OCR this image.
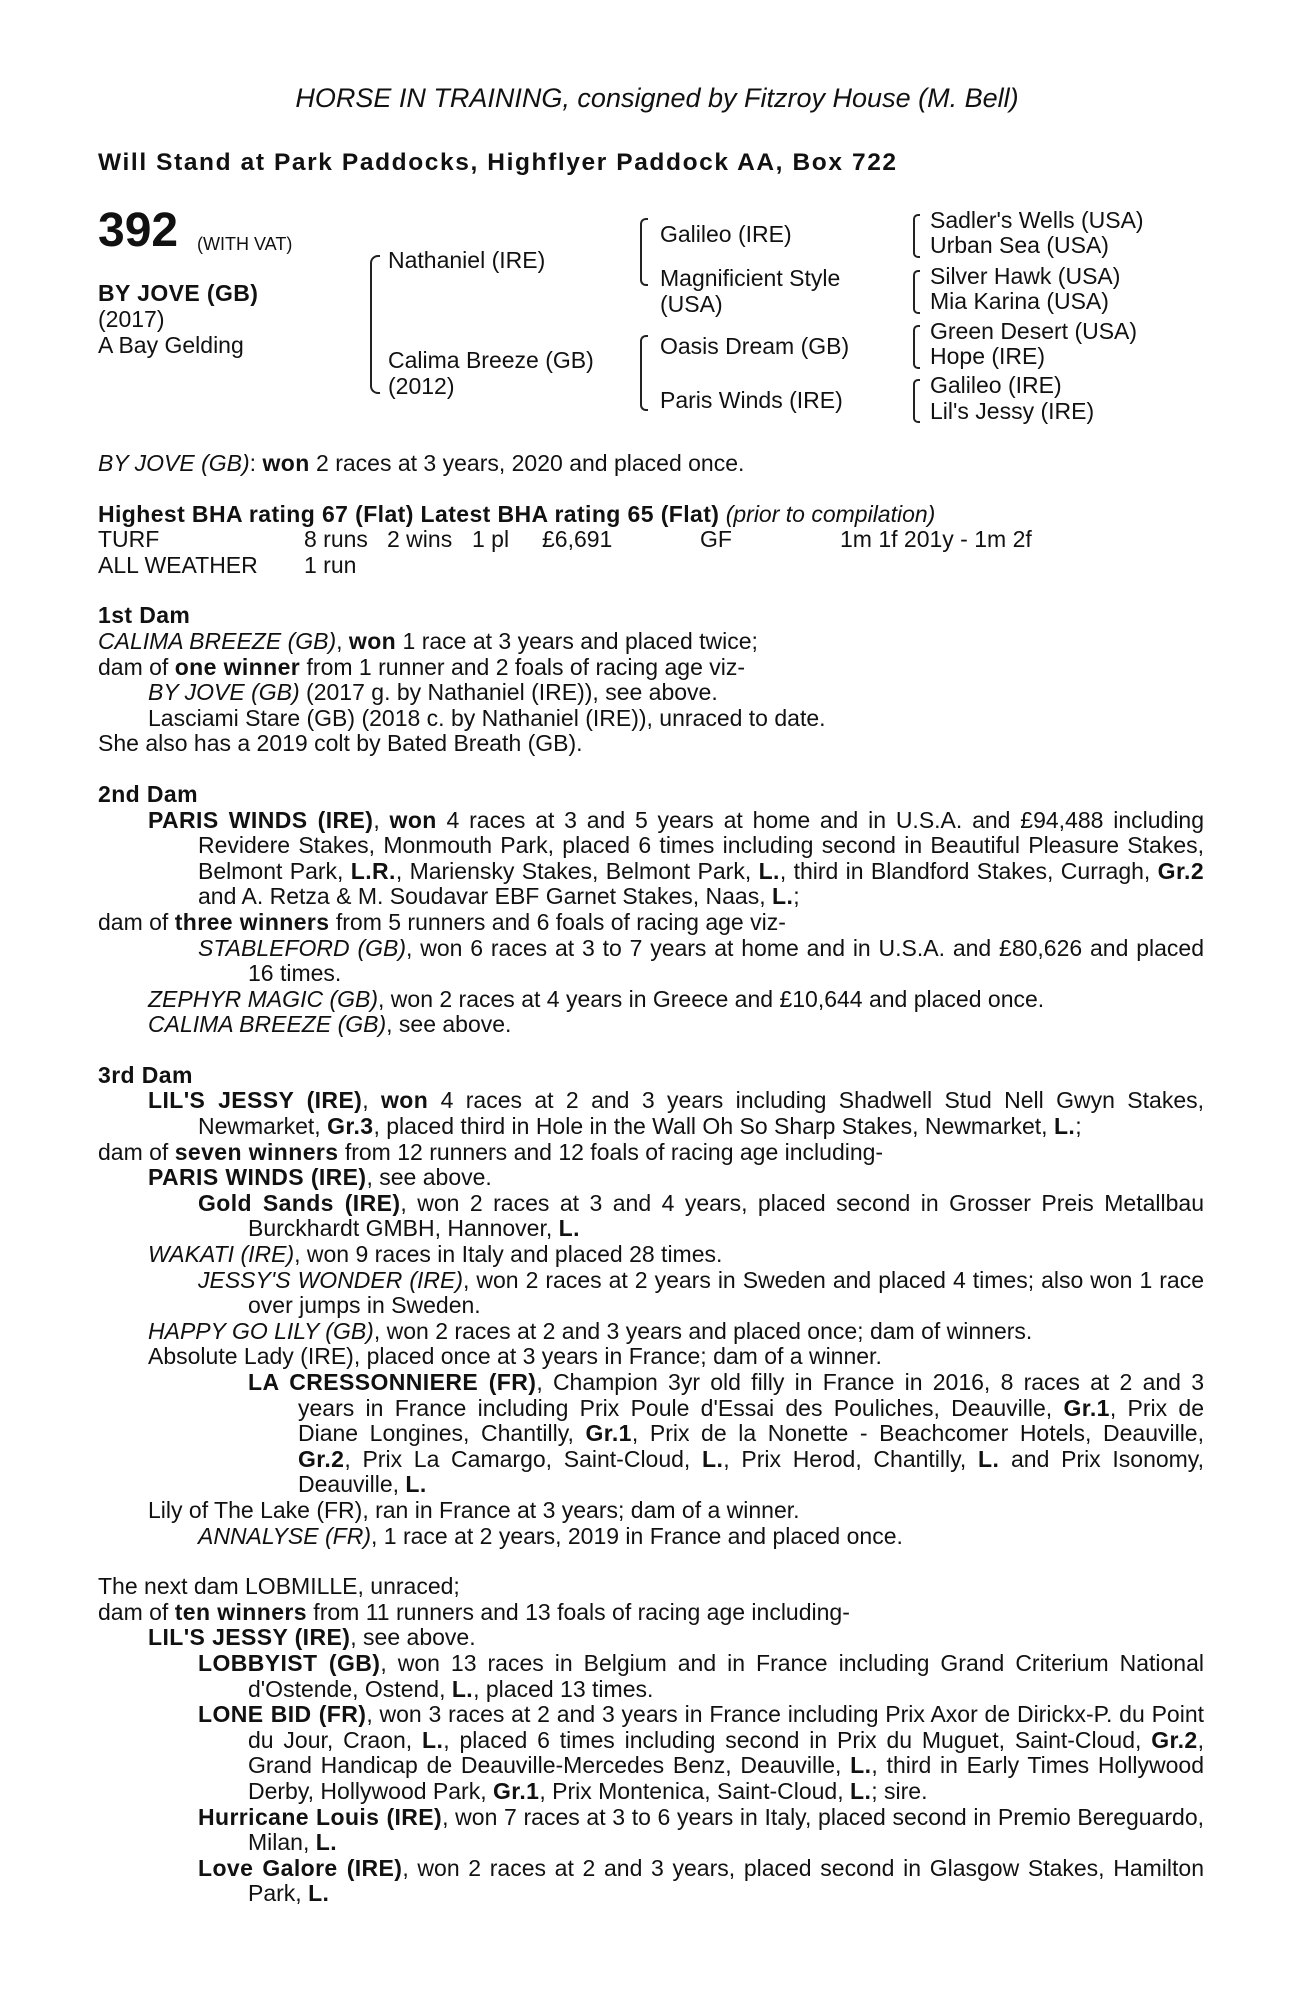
HORSE IN TRAINING, consigned by Fitzroy House (M. Bell)
Will Stand at Park Paddocks, Highflyer Paddock AA, Box 722
392 (WITH VAT)
BY JOVE (GB)
(2017)
A Bay Gelding
Nathaniel (IRE)
Calima Breeze (GB)
(2012)
Galileo (IRE)
Magnificient Style
(USA)
Oasis Dream (GB)
Paris Winds (IRE)
Sadler's Wells (USA)
Urban Sea (USA)
Silver Hawk (USA)
Mia Karina (USA)
Green Desert (USA)
Hope (IRE)
Galileo (IRE)
Lil's Jessy (IRE)

BY JOVE (GB): won 2 races at 3 years, 2020 and placed once.

Highest BHA rating 67 (Flat) Latest BHA rating 65 (Flat) (prior to compilation)

TURF	8 runs	2 wins	1 pl	£6,691	GF	1m 1f 201y - 1m 2f
ALL WEATHER	1 run					

1st Dam

CALIMA BREEZE (GB), won 1 race at 3 years and placed twice;

dam of one winner from 1 runner and 2 foals of racing age viz-

BY JOVE (GB) (2017 g. by Nathaniel (IRE)), see above.

Lasciami Stare (GB) (2018 c. by Nathaniel (IRE)), unraced to date.

She also has a 2019 colt by Bated Breath (GB).

2nd Dam

PARIS WINDS (IRE), won 4 races at 3 and 5 years at home and in U.S.A. and £94,488 including Revidere Stakes, Monmouth Park, placed 6 times including second in Beautiful Pleasure Stakes, Belmont Park, L.R., Mariensky Stakes, Belmont Park, L., third in Blandford Stakes, Curragh, Gr.2 and A. Retza & M. Soudavar EBF Garnet Stakes, Naas, L.;

dam of three winners from 5 runners and 6 foals of racing age viz-

STABLEFORD (GB), won 6 races at 3 to 7 years at home and in U.S.A. and £80,626 and placed 16 times.

ZEPHYR MAGIC (GB), won 2 races at 4 years in Greece and £10,644 and placed once.

CALIMA BREEZE (GB), see above.

3rd Dam

LIL'S JESSY (IRE), won 4 races at 2 and 3 years including Shadwell Stud Nell Gwyn Stakes, Newmarket, Gr.3, placed third in Hole in the Wall Oh So Sharp Stakes, Newmarket, L.;

dam of seven winners from 12 runners and 12 foals of racing age including-

PARIS WINDS (IRE), see above.

Gold Sands (IRE), won 2 races at 3 and 4 years, placed second in Grosser Preis Metallbau Burckhardt GMBH, Hannover, L.

WAKATI (IRE), won 9 races in Italy and placed 28 times.

JESSY'S WONDER (IRE), won 2 races at 2 years in Sweden and placed 4 times; also won 1 race over jumps in Sweden.

HAPPY GO LILY (GB), won 2 races at 2 and 3 years and placed once; dam of winners.

Absolute Lady (IRE), placed once at 3 years in France; dam of a winner.

LA CRESSONNIERE (FR), Champion 3yr old filly in France in 2016, 8 races at 2 and 3 years in France including Prix Poule d'Essai des Pouliches, Deauville, Gr.1, Prix de Diane Longines, Chantilly, Gr.1, Prix de la Nonette - Beachcomer Hotels, Deauville, Gr.2, Prix La Camargo, Saint-Cloud, L., Prix Herod, Chantilly, L. and Prix Isonomy, Deauville, L.

Lily of The Lake (FR), ran in France at 3 years; dam of a winner.

ANNALYSE (FR), 1 race at 2 years, 2019 in France and placed once.

The next dam LOBMILLE, unraced;

dam of ten winners from 11 runners and 13 foals of racing age including-

LIL'S JESSY (IRE), see above.

LOBBYIST (GB), won 13 races in Belgium and in France including Grand Criterium National d'Ostende, Ostend, L., placed 13 times.

LONE BID (FR), won 3 races at 2 and 3 years in France including Prix Axor de Dirickx-P. du Point du Jour, Craon, L., placed 6 times including second in Prix du Muguet, Saint-Cloud, Gr.2, Grand Handicap de Deauville-Mercedes Benz, Deauville, L., third in Early Times Hollywood Derby, Hollywood Park, Gr.1, Prix Montenica, Saint-Cloud, L.; sire.

Hurricane Louis (IRE), won 7 races at 3 to 6 years in Italy, placed second in Premio Bereguardo, Milan, L.

Love Galore (IRE), won 2 races at 2 and 3 years, placed second in Glasgow Stakes, Hamilton Park, L.
